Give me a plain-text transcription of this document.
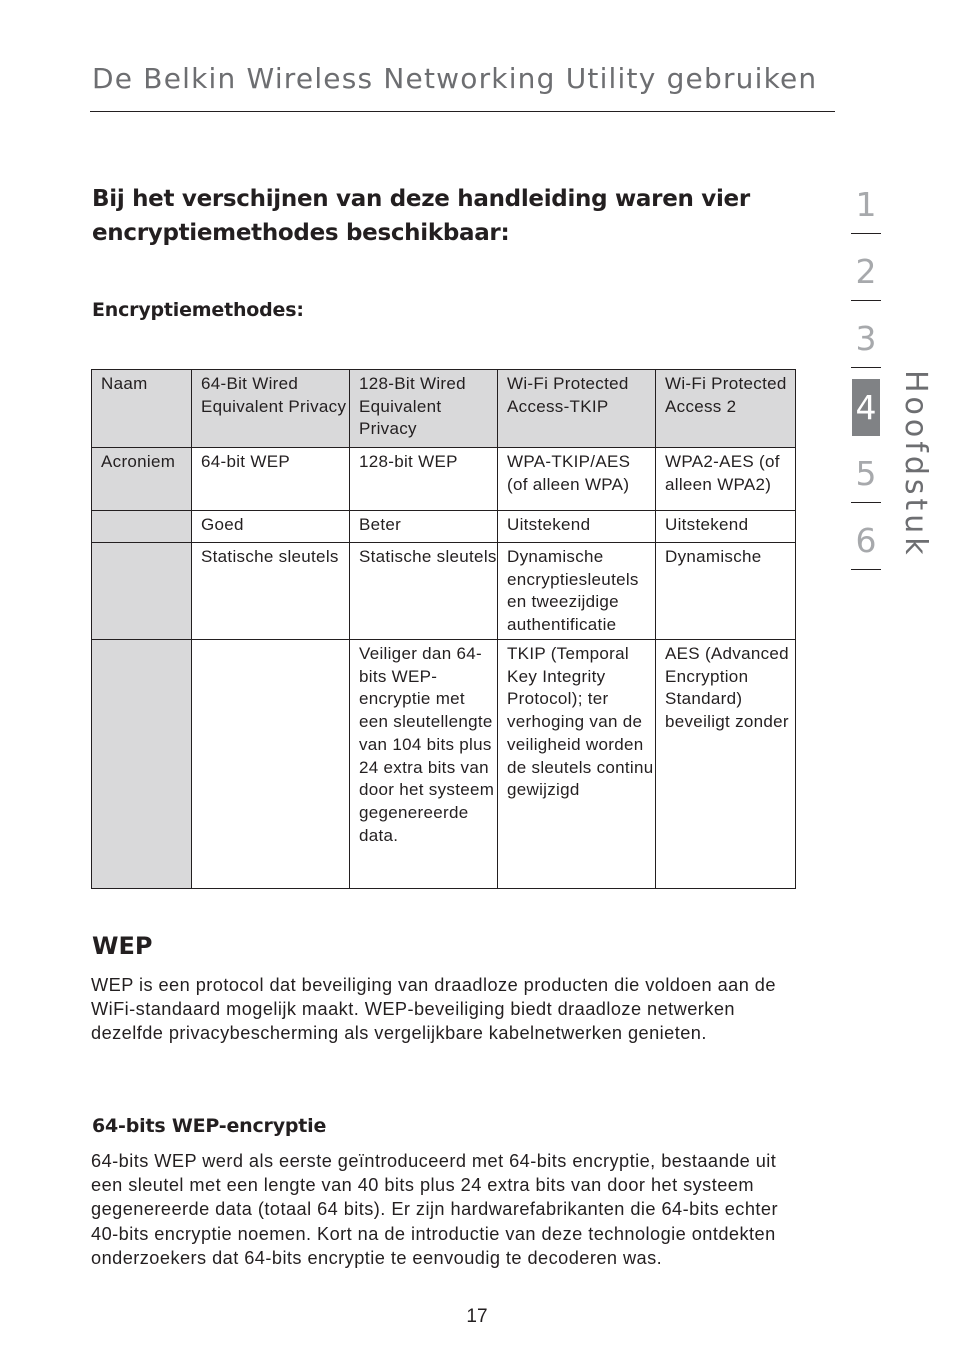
De Belkin Wireless Networking Utility gebruiken
Bij het verschijnen van deze handleiding waren vier encryptiemethodes beschikbaar:
Encryptiemethodes:
Naam	64-Bit Wired Equivalent Privacy	128-Bit Wired Equivalent Privacy	Wi-Fi Protected Access-TKIP	Wi-Fi Protected Access 2
Acroniem	64-bit WEP	128-bit WEP	WPA-TKIP/AES (of alleen WPA)	WPA2-AES (of alleen WPA2)
	Goed	Beter	Uitstekend	Uitstekend
	Statische sleutels	Statische sleutels	Dynamische encryptiesleutels en tweezijdige authentificatie	Dynamische
		Veiliger dan 64-bits WEP-encryptie met een sleutellengte van 104 bits plus 24 extra bits van door het systeem gegenereerde data.	TKIP (Temporal Key Integrity Protocol); ter verhoging van de veiligheid worden de sleutels continu gewijzigd	AES (Advanced Encryption Standard) beveiligt zonder
WEP

WEP is een protocol dat beveiliging van draadloze producten die voldoen aan de WiFi-standaard mogelijk maakt. WEP-beveiliging biedt draadloze netwerken dezelfde privacybescherming als vergelijkbare kabelnetwerken genieten.

64-bits WEP-encryptie

64-bits WEP werd als eerste geïntroduceerd met 64-bits encryptie, bestaande uit een sleutel met een lengte van 40 bits plus 24 extra bits van door het systeem gegenereerde data (totaal 64 bits). Er zijn hardwarefabrikanten die 64-bits echter 40-bits encryptie noemen. Kort na de introductie van deze technologie ontdekten onderzoekers dat 64-bits encryptie te eenvoudig te decoderen was.

1
2
3
4
5
6 Hoofdstuk
17
